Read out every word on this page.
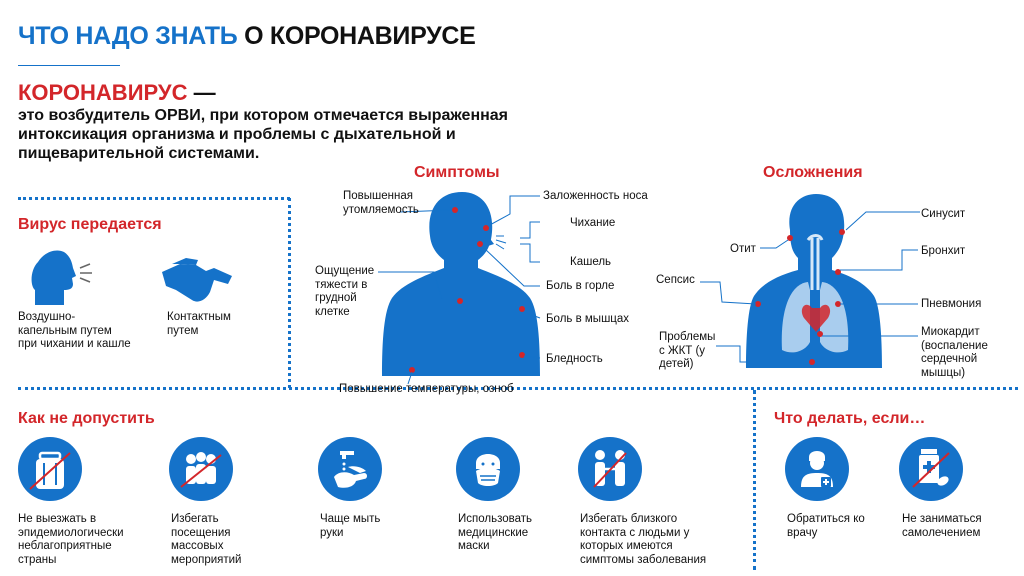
ЧТО НАДО ЗНАТЬ О КОРОНАВИРУСЕ
КОРОНАВИРУС —
это возбудитель ОРВИ, при котором отмечается выраженная интоксикация организма и проблемы с дыхательной и пищеварительной системами.
Вирус передается
Воздушно-капельным путем при чихании и кашле
Контактным путем
Симптомы
Повышенная утомляемость
Заложенность носа
Чихание
Кашель
Боль в горле
Ощущение тяжести в грудной клетке
Боль в мышцах
Бледность
Повышение температуры, озноб
Осложнения
Синусит
Отит	Бронхит
Сепсис
Пневмония
Проблемы с ЖКТ (у детей)
Миокардит (воспаление сердечной мышцы)
Как не допустить
Не выезжать в эпидемиологически неблагоприятные страны
Избегать посещения массовых мероприятий
Чаще мыть руки
Использовать медицинские маски
Избегать близкого контакта с людьми у которых имеются симптомы заболевания
Что делать, если…
Обратиться ко врачу
Не заниматься самолечением
